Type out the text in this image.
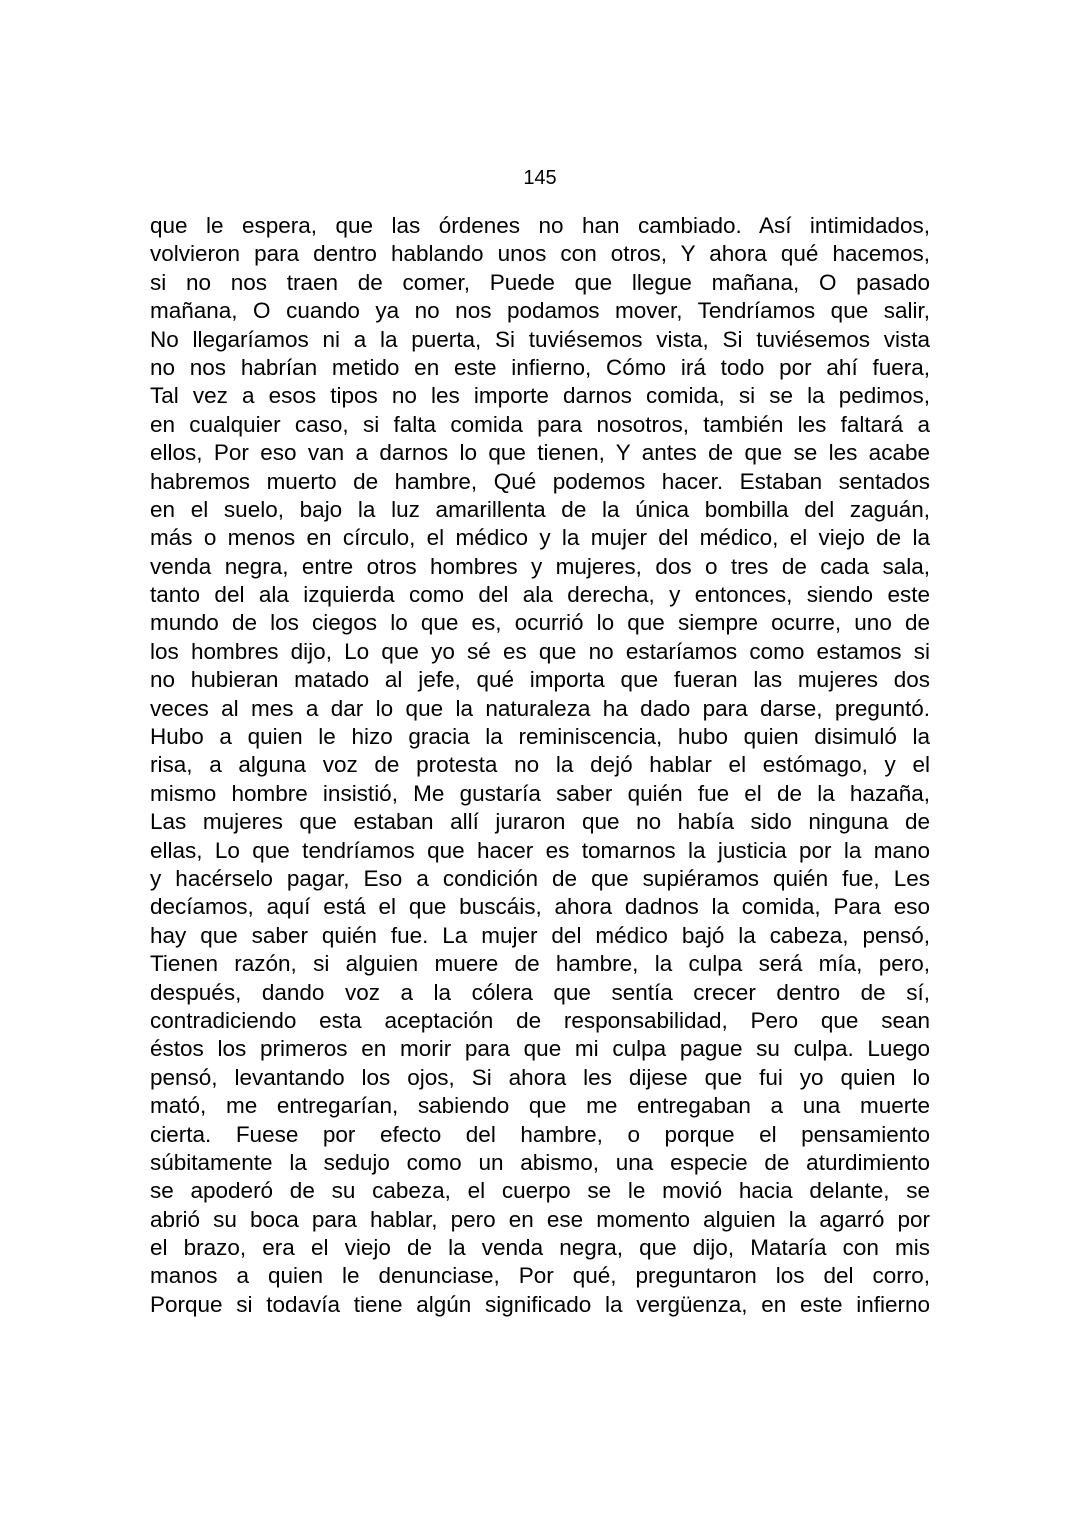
145
que le espera, que las órdenes no han cambiado. Así intimidados,
volvieron para dentro hablando unos con otros, Y ahora qué hacemos,
si no nos traen de comer, Puede que llegue mañana, O pasado
mañana, O cuando ya no nos podamos mover, Tendríamos que salir,
No llegaríamos ni a la puerta, Si tuviésemos vista, Si tuviésemos vista
no nos habrían metido en este infierno, Cómo irá todo por ahí fuera,
Tal vez a esos tipos no les importe darnos comida, si se la pedimos,
en cualquier caso, si falta comida para nosotros, también les faltará a
ellos, Por eso van a darnos lo que tienen, Y antes de que se les acabe
habremos muerto de hambre, Qué podemos hacer. Estaban sentados
en el suelo, bajo la luz amarillenta de la única bombilla del zaguán,
más o menos en círculo, el médico y la mujer del médico, el viejo de la
venda negra, entre otros hombres y mujeres, dos o tres de cada sala,
tanto del ala izquierda como del ala derecha, y entonces, siendo este
mundo de los ciegos lo que es, ocurrió lo que siempre ocurre, uno de
los hombres dijo, Lo que yo sé es que no estaríamos como estamos si
no hubieran matado al jefe, qué importa que fueran las mujeres dos
veces al mes a dar lo que la naturaleza ha dado para darse, preguntó.
Hubo a quien le hizo gracia la reminiscencia, hubo quien disimuló la
risa, a alguna voz de protesta no la dejó hablar el estómago, y el
mismo hombre insistió, Me gustaría saber quién fue el de la hazaña,
Las mujeres que estaban allí juraron que no había sido ninguna de
ellas, Lo que tendríamos que hacer es tomarnos la justicia por la mano
y hacérselo pagar, Eso a condición de que supiéramos quién fue, Les
decíamos, aquí está el que buscáis, ahora dadnos la comida, Para eso
hay que saber quién fue. La mujer del médico bajó la cabeza, pensó,
Tienen razón, si alguien muere de hambre, la culpa será mía, pero,
después, dando voz a la cólera que sentía crecer dentro de sí,
contradiciendo esta aceptación de responsabilidad, Pero que sean
éstos los primeros en morir para que mi culpa pague su culpa. Luego
pensó, levantando los ojos, Si ahora les dijese que fui yo quien lo
mató, me entregarían, sabiendo que me entregaban a una muerte
cierta. Fuese por efecto del hambre, o porque el pensamiento
súbitamente la sedujo como un abismo, una especie de aturdimiento
se apoderó de su cabeza, el cuerpo se le movió hacia delante, se
abrió su boca para hablar, pero en ese momento alguien la agarró por
el brazo, era el viejo de la venda negra, que dijo, Mataría con mis
manos a quien le denunciase, Por qué, preguntaron los del corro,
Porque si todavía tiene algún significado la vergüenza, en este infierno
